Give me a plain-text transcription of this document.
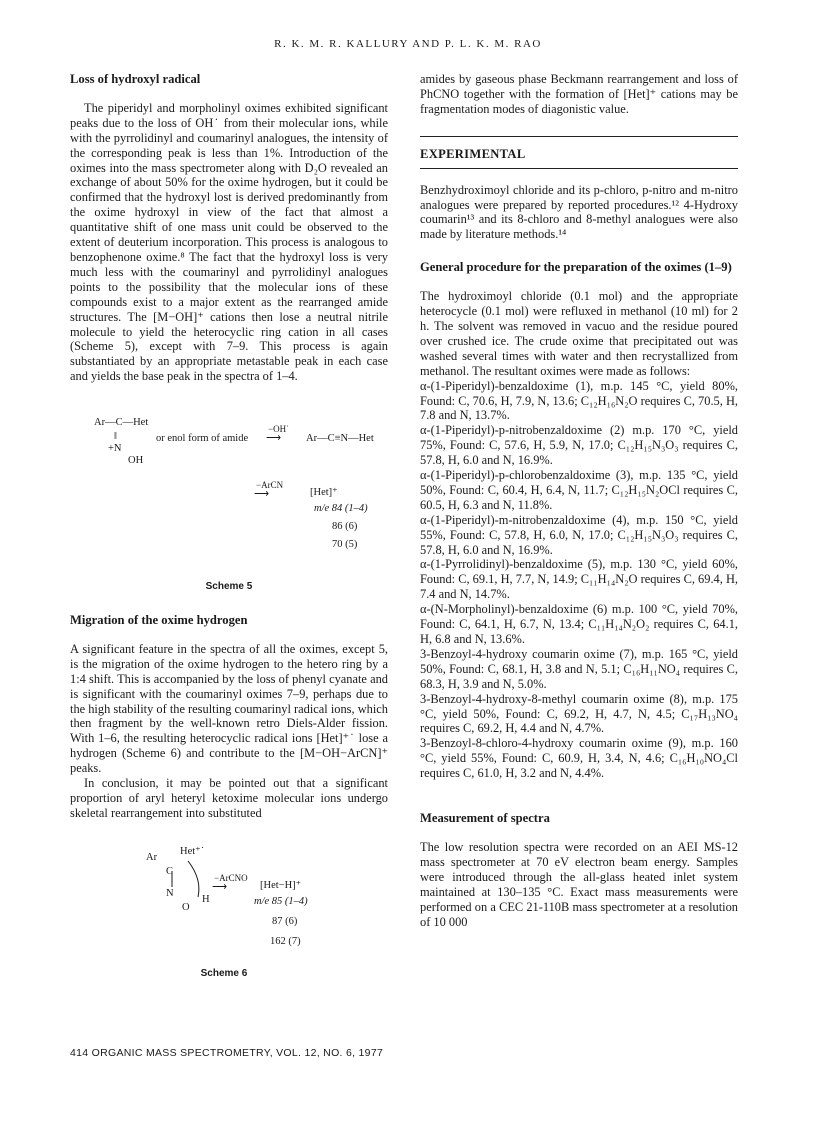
R. K. M. R. KALLURY AND P. L. K. M. RAO

Loss of hydroxyl radical

The piperidyl and morpholinyl oximes exhibited significant peaks due to the loss of OH˙ from their molecular ions, while with the pyrrolidinyl and coumarinyl analogues, the intensity of the corresponding peak is less than 1%. Introduction of the oximes into the mass spectrometer along with D₂O revealed an exchange of about 50% for the oxime hydrogen, but it could be confirmed that the hydroxyl lost is derived predominantly from the oxime hydroxyl in view of the fact that almost a quantitative shift of one mass unit could be observed to the extent of deuterium incorporation. This process is analogous to benzophenone oxime.⁸ The fact that the hydroxyl loss is very much less with the coumarinyl and pyrrolidinyl analogues points to the possibility that the molecular ions of these compounds exist to a major extent as the rearranged amide structures. The [M−OH]⁺ cations then lose a neutral nitrile molecule to yield the heterocyclic ring cation in all cases (Scheme 5), except with 7–9. This process is again substantiated by an appropriate metastable peak in each case and yields the base peak in the spectra of 1–4.

Ar—C—Het
‖
+N
OH
or enol form of amide
−OH˙
⟶ Ar—C≡N—Het
−ArCN
⟶	[Het]⁺
m/e 84 (1–4)
86 (6)
70 (5)
Scheme 5

Migration of the oxime hydrogen

A significant feature in the spectra of all the oximes, except 5, is the migration of the oxime hydrogen to the hetero ring by a 1:4 shift. This is accompanied by the loss of phenyl cyanate and is significant with the coumarinyl oximes 7–9, perhaps due to the high stability of the resulting coumarinyl radical ions, which then fragment by the well-known retro Diels-Alder fission. With 1–6, the resulting heterocyclic radical ions [Het]⁺˙ lose a hydrogen (Scheme 6) and contribute to the [M−OH−ArCN]⁺ peaks.

In conclusion, it may be pointed out that a significant proportion of aryl heteryl ketoxime molecular ions undergo skeletal rearrangement into substituted

Ar
Het⁺˙
C
N
O
H
−ArCNO
⟶	[Het−H]⁺
m/e 85 (1–4)
87 (6)
162 (7)
Scheme 6

amides by gaseous phase Beckmann rearrangement and loss of PhCNO together with the formation of [Het]⁺ cations may be fragmentation modes of diagonistic value.

EXPERIMENTAL

Benzhydroximoyl chloride and its p-chloro, p-nitro and m-nitro analogues were prepared by reported procedures.¹² 4-Hydroxy coumarin¹³ and its 8-chloro and 8-methyl analogues were also made by literature methods.¹⁴

General procedure for the preparation of the oximes (1–9)

The hydroximoyl chloride (0.1 mol) and the appropriate heterocycle (0.1 mol) were refluxed in methanol (10 ml) for 2 h. The solvent was removed in vacuo and the residue poured over crushed ice. The crude oxime that precipitated out was washed several times with water and then recrystallized from methanol. The resultant oximes were made as follows:

α-(1-Piperidyl)-benzaldoxime (1), m.p. 145 °C, yield 80%, Found: C, 70.6, H, 7.9, N, 13.6; C₁₂H₁₆N₂O requires C, 70.5, H, 7.8 and N, 13.7%.

α-(1-Piperidyl)-p-nitrobenzaldoxime (2) m.p. 170 °C, yield 75%, Found: C, 57.6, H, 5.9, N, 17.0; C₁₂H₁₅N₃O₃ requires C, 57.8, H, 6.0 and N, 16.9%.

α-(1-Piperidyl)-p-chlorobenzaldoxime (3), m.p. 135 °C, yield 50%, Found: C, 60.4, H, 6.4, N, 11.7; C₁₂H₁₅N₂OCl requires C, 60.5, H, 6.3 and N, 11.8%.

α-(1-Piperidyl)-m-nitrobenzaldoxime (4), m.p. 150 °C, yield 55%, Found: C, 57.8, H, 6.0, N, 17.0; C₁₂H₁₅N₃O₃ requires C, 57.8, H, 6.0 and N, 16.9%.

α-(1-Pyrrolidinyl)-benzaldoxime (5), m.p. 130 °C, yield 60%, Found: C, 69.1, H, 7.7, N, 14.9; C₁₁H₁₄N₂O requires C, 69.4, H, 7.4 and N, 14.7%.

α-(N-Morpholinyl)-benzaldoxime (6) m.p. 100 °C, yield 70%, Found: C, 64.1, H, 6.7, N, 13.4; C₁₁H₁₄N₂O₂ requires C, 64.1, H, 6.8 and N, 13.6%.

3-Benzoyl-4-hydroxy coumarin oxime (7), m.p. 165 °C, yield 50%, Found: C, 68.1, H, 3.8 and N, 5.1; C₁₆H₁₁NO₄ requires C, 68.3, H, 3.9 and N, 5.0%.

3-Benzoyl-4-hydroxy-8-methyl coumarin oxime (8), m.p. 175 °C, yield 50%, Found: C, 69.2, H, 4.7, N, 4.5; C₁₇H₁₃NO₄ requires C, 69.2, H, 4.4 and N, 4.7%.

3-Benzoyl-8-chloro-4-hydroxy coumarin oxime (9), m.p. 160 °C, yield 55%, Found: C, 60.9, H, 3.4, N, 4.6; C₁₆H₁₀NO₄Cl requires C, 61.0, H, 3.2 and N, 4.4%.

Measurement of spectra

The low resolution spectra were recorded on an AEI MS-12 mass spectrometer at 70 eV electron beam energy. Samples were introduced through the all-glass heated inlet system maintained at 130–135 °C. Exact mass measurements were performed on a CEC 21-110B mass spectrometer at a resolution of 10 000

414 ORGANIC MASS SPECTROMETRY, VOL. 12, NO. 6, 1977
